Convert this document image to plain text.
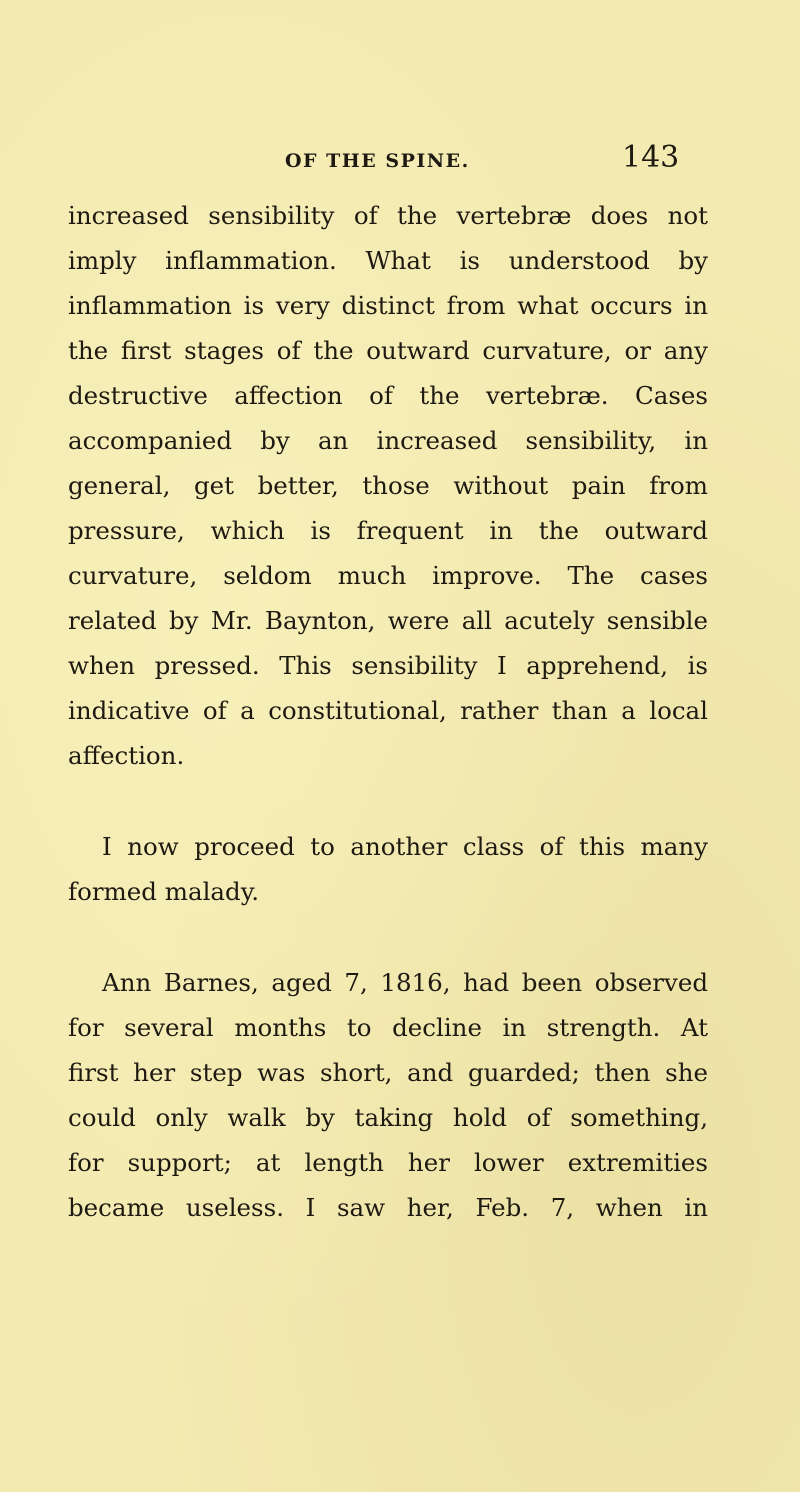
OF THE SPINE.	143
increased sensibility of the vertebræ does not
imply inflammation. What is understood by
inflammation is very distinct from what occurs in
the first stages of the outward curvature, or any
destructive affection of the vertebræ. Cases
accompanied by an increased sensibility, in
general, get better, those without pain from
pressure, which is frequent in the outward
curvature, seldom much improve. The cases
related by Mr. Baynton, were all acutely sensible
when pressed. This sensibility I apprehend, is
indicative of a constitutional, rather than a local
affection.
I now proceed to another class of this many
formed malady.
Ann Barnes, aged 7, 1816, had been observed
for several months to decline in strength. At
first her step was short, and guarded; then she
could only walk by taking hold of something,
for support; at length her lower extremities
became useless. I saw her, Feb. 7, when in
